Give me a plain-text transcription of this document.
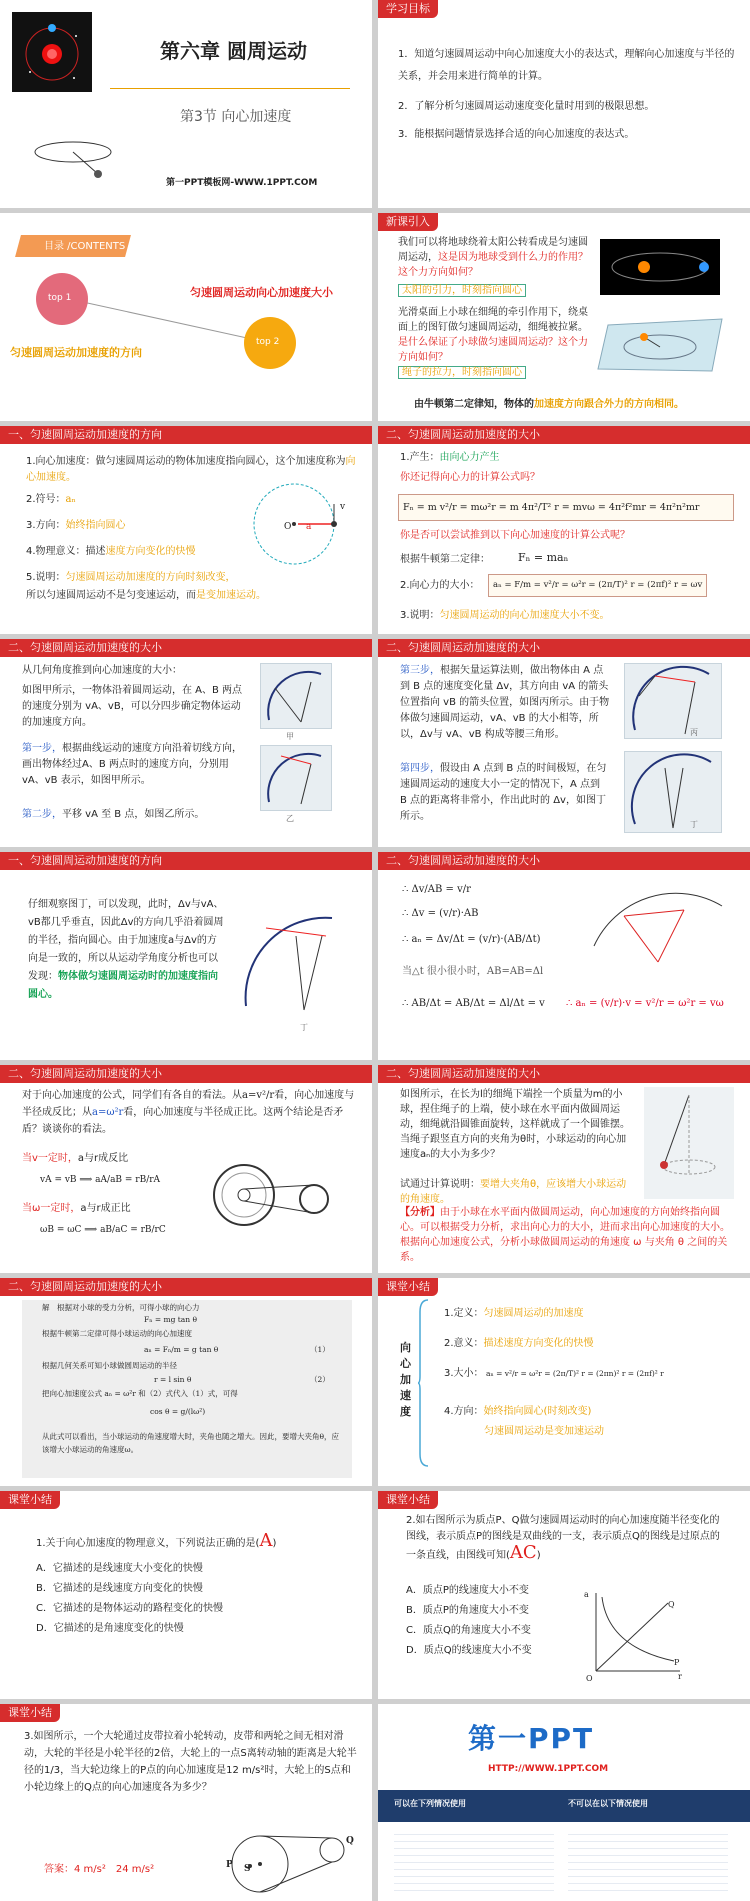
第六章 圆周运动
第3节 向心加速度
第一PPT模板网-WWW.1PPT.COM
学习目标
1．知道匀速圆周运动中向心加速度大小的表达式，理解向心加速度与半径的关系，并会用来进行简单的计算。
2．了解分析匀速圆周运动速度变化量时用到的极限思想。
3．能根据问题情景选择合适的向心加速度的表达式。
目录 /CONTENTS
top 1
top 2
匀速圆周运动向心加速度大小
匀速圆周运动加速度的方向
新课引入
我们可以将地球绕着太阳公转看成是匀速圆周运动，这是因为地球受到什么力的作用？这个力方向如何？
太阳的引力，时刻指向圆心
光滑桌面上小球在细绳的牵引作用下，绕桌面上的图钉做匀速圆周运动，细绳被拉紧。是什么保证了小球做匀速圆周运动？这个力方向如何？
绳子的拉力，时刻指向圆心
由牛顿第二定律知，物体的加速度方向跟合外力的方向相同。
一、匀速圆周运动加速度的方向
1.向心加速度：做匀速圆周运动的物体加速度指向圆心，这个加速度称为向心加速度。
2.符号：aₙ
3.方向：始终指向圆心
4.物理意义：描述速度方向变化的快慢
5.说明：匀速圆周运动加速度的方向时刻改变，
所以匀速圆周运动不是匀变速运动，而是变加速运动。
O a
v
二、匀速圆周运动加速度的大小
1.产生：由向心力产生
你还记得向心力的计算公式吗？
Fₙ = m v²/r = mω²r = m 4π²/T² r = mvω = 4π²f²mr = 4π²n²mr
你是否可以尝试推到以下向心加速度的计算公式呢？
根据牛顿第二定律：	Fₙ = maₙ
2.向心力的大小：	aₙ = F/m = v²/r = ω²r = (2π/T)² r = (2πf)² r = ωv
3.说明：匀速圆周运动的向心加速度大小不变。
二、匀速圆周运动加速度的大小
从几何角度推到向心加速度的大小：
如图甲所示，一物体沿着圆周运动，在 A、B 两点的速度分别为 vA、vB，可以分四步确定物体运动的加速度方向。
第一步，根据曲线运动的速度方向沿着切线方向，画出物体经过A、B 两点时的速度方向，分别用 vA、vB 表示，如图甲所示。
第二步，平移 vA 至 B 点，如图乙所示。
甲
乙
二、匀速圆周运动加速度的大小
第三步，根据矢量运算法则，做出物体由 A 点到 B 点的速度变化量 Δv，其方向由 vA 的箭头位置指向 vB 的箭头位置，如图丙所示。由于物体做匀速圆周运动，vA、vB 的大小相等，所以，Δv与 vA、vB 构成等腰三角形。
第四步，假设由 A 点到 B 点的时间极短，在匀速圆周运动的速度大小一定的情况下，A 点到 B 点的距离将非常小，作出此时的 Δv，如图丁所示。
丙
丁
一、匀速圆周运动加速度的方向
仔细观察图丁，可以发现，此时，Δv与vA、vB都几乎垂直，因此Δv的方向几乎沿着圆周的半径，指向圆心。由于加速度a与Δv的方向是一致的，所以从运动学角度分析也可以发现：物体做匀速圆周运动时的加速度指向圆心。
丁
二、匀速圆周运动加速度的大小
∴ Δv/AB = v/r
∴ Δv = (v/r)·AB
∴ aₙ = Δv/Δt = (v/r)·(AB/Δt)
当△t 很小很小时，AB=AB=Δl
∴ AB/Δt = AB/Δt = Δl/Δt = v ∴ aₙ = (v/r)·v = v²/r = ω²r = vω
二、匀速圆周运动加速度的大小
对于向心加速度的公式，同学们有各自的看法。从a=v²/r看，向心加速度与半径成反比；从a=ω²r看，向心加速度与半径成正比。这两个结论是否矛盾？谈谈你的看法。
当v一定时，a与r成反比
vA = vB ⟹ aA/aB = rB/rA
当ω一定时，a与r成正比
ωB = ωC ⟹ aB/aC = rB/rC
二、匀速圆周运动加速度的大小
如图所示，在长为l的细绳下端拴一个质量为m的小球，捏住绳子的上端，使小球在水平面内做圆周运动，细绳就沿圆锥面旋转，这样就成了一个圆锥摆。当绳子跟竖直方向的夹角为θ时，小球运动的向心加速度aₙ的大小为多少？
试通过计算说明：要增大夹角θ，应该增大小球运动的角速度。
【分析】由于小球在水平面内做圆周运动，向心加速度的方向始终指向圆心。可以根据受力分析，求出向心力的大小，进而求出向心加速度的大小。根据向心加速度公式，分析小球做圆周运动的角速度 ω 与夹角 θ 之间的关系。
二、匀速圆周运动加速度的大小
解　根据对小球的受力分析，可得小球的向心力
Fₙ = mg tan θ
根据牛顿第二定律可得小球运动的向心加速度
aₙ = Fₙ/m = g tan θ	（1）
根据几何关系可知小球做圆周运动的半径
r = l sin θ	（2）
把向心加速度公式 aₙ = ω²r 和（2）式代入（1）式，可得
cos θ = g/(lω²)
从此式可以看出，当小球运动的角速度增大时，夹角也随之增大。因此，要增大夹角θ，应该增大小球运动的角速度ω。
课堂小结
向心加速度
1.定义：匀速圆周运动的加速度
2.意义：描述速度方向变化的快慢
3.大小： aₙ = v²/r = ω²r = (2π/T)² r = (2πn)² r = (2πf)² r
4.方向：始终指向圆心(时刻改变)
匀速圆周运动是变加速运动
课堂小结
1.关于向心加速度的物理意义，下列说法正确的是(A)
A．它描述的是线速度大小变化的快慢
B．它描述的是线速度方向变化的快慢
C．它描述的是物体运动的路程变化的快慢
D．它描述的是角速度变化的快慢
课堂小结
2.如右图所示为质点P、Q做匀速圆周运动时的向心加速度随半径变化的图线，表示质点P的图线是双曲线的一支，表示质点Q的图线是过原点的一条直线，由图线可知(AC)
A．质点P的线速度大小不变
B．质点P的角速度大小不变
C．质点Q的角速度大小不变
D．质点Q的线速度大小不变
a
Q
P
O	r
课堂小结
3.如图所示，一个大轮通过皮带拉着小轮转动，皮带和两轮之间无相对滑动，大轮的半径是小轮半径的2倍，大轮上的一点S离转动轴的距离是大轮半径的1/3，当大轮边缘上的P点的向心加速度是12 m/s²时，大轮上的S点和小轮边缘上的Q点的向心加速度各为多少？
答案：4 m/s²　24 m/s²	P S
Q
第一PPT
HTTP://WWW.1PPT.COM
可以在下列情况使用	不可以在以下情况使用
